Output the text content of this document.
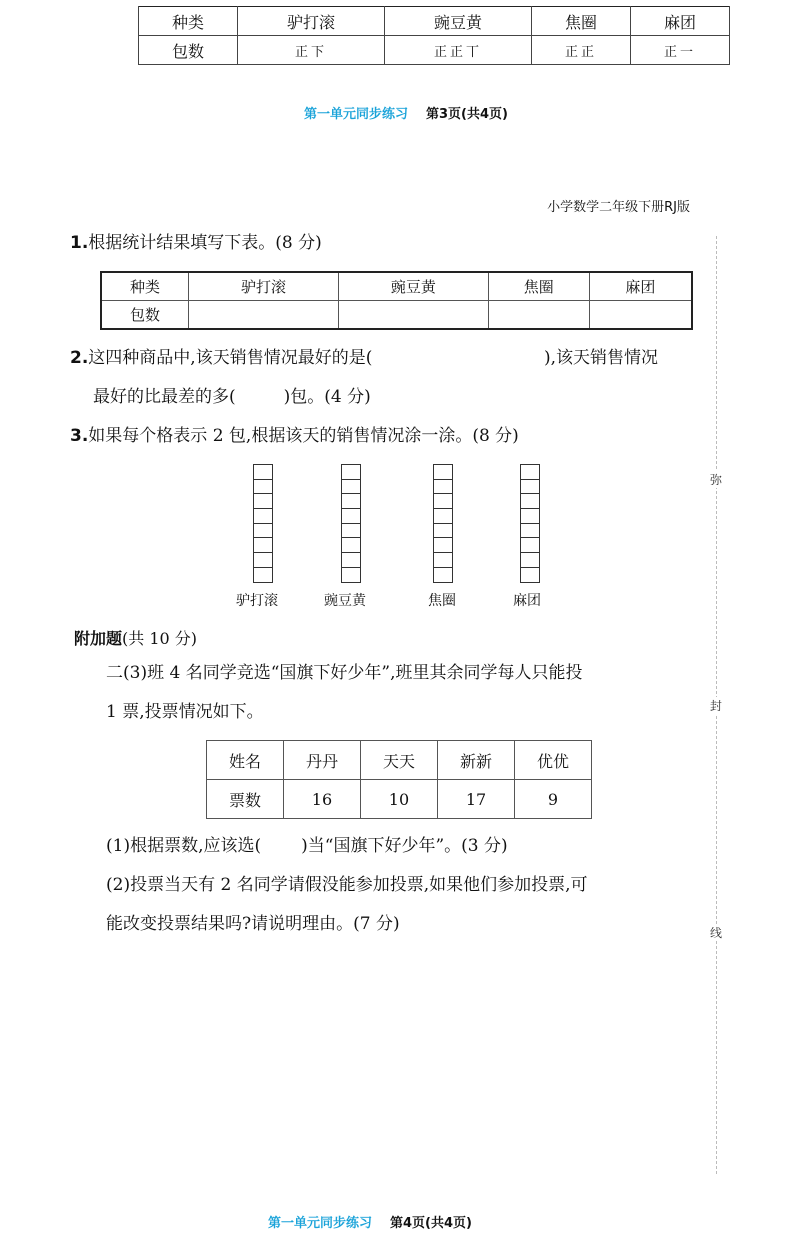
种类	驴打滚	豌豆黄	焦圈	麻团
包数	正下	正正丅	正正	正一
第一单元同步练习 第3页(共4页)
小学数学二年级下册RJ版
1.根据统计结果填写下表。(8 分)
种类	驴打滚	豌豆黄	焦圈	麻团
包数				
2.这四种商品中,该天销售情况最好的是(	),该天销售情况
最好的比最差的多(	)包。(4 分)
3.如果每个格表示 2 包,根据该天的销售情况涂一涂。(8 分)
驴打滚	豌豆黄	焦圈	麻团
附加题(共 10 分)
二(3)班 4 名同学竞选“国旗下好少年”,班里其余同学每人只能投
1 票,投票情况如下。
姓名	丹丹	天天	新新	优优
票数	16	10	17	9
(1)根据票数,应该选( )当“国旗下好少年”。(3 分)
(2)投票当天有 2 名同学请假没能参加投票,如果他们参加投票,可
能改变投票结果吗?请说明理由。(7 分)
弥
封
线
第一单元同步练习 第4页(共4页)
